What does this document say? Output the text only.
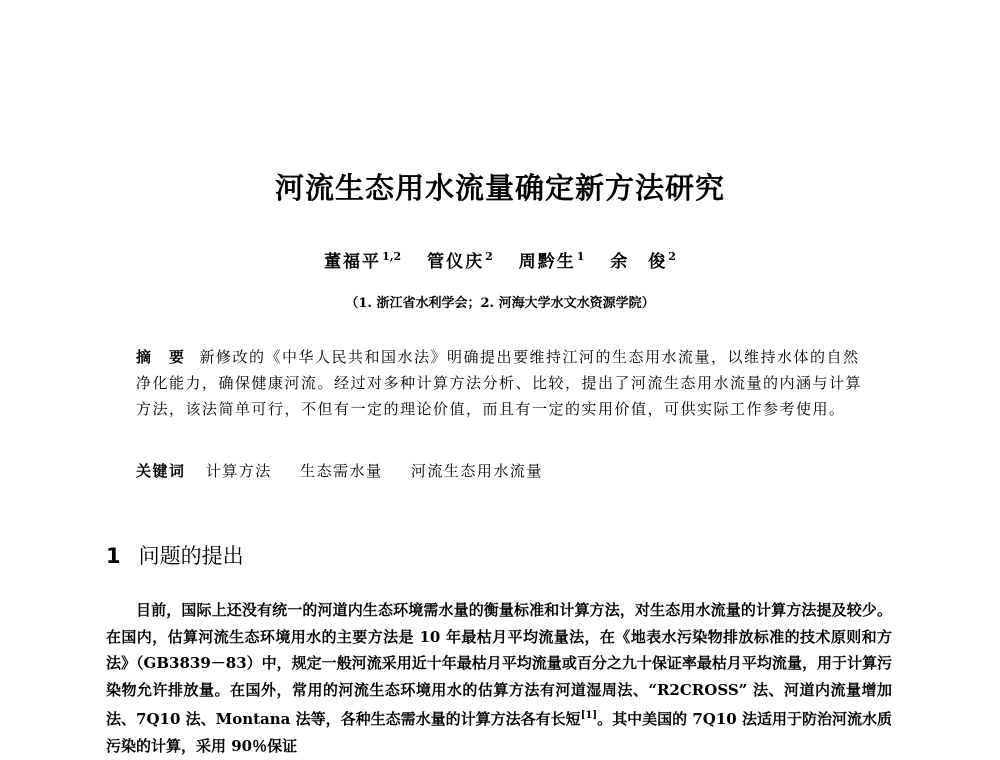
河流生态用水流量确定新方法研究
董福平$^{1,2}$ 管仪庆$^2$ 周黔生$^1$ 余　俊$^2$
（1. 浙江省水利学会；2. 河海大学水文水资源学院）
摘　要 新修改的《中华人民共和国水法》明确提出要维持江河的生态用水流量，以维持水体的自然净化能力，确保健康河流。经过对多种计算方法分析、比较，提出了河流生态用水流量的内涵与计算方法，该法简单可行，不但有一定的理论价值，而且有一定的实用价值，可供实际工作参考使用。
关键词 计算方法 生态需水量 河流生态用水流量
1 问题的提出

目前，国际上还没有统一的河道内生态环境需水量的衡量标准和计算方法，对生态用水流量的计算方法提及较少。在国内，估算河流生态环境用水的主要方法是 10 年最枯月平均流量法，在《地表水污染物排放标准的技术原则和方法》（GB3839－83）中，规定一般河流采用近十年最枯月平均流量或百分之九十保证率最枯月平均流量，用于计算污染物允许排放量。在国外，常用的河流生态环境用水的估算方法有河道湿周法、“R2CROSS” 法、河道内流量增加法、7Q10 法、Montana 法等，各种生态需水量的计算方法各有长短[1]。其中美国的 7Q10 法适用于防治河流水质污染的计算，采用 90％保证
